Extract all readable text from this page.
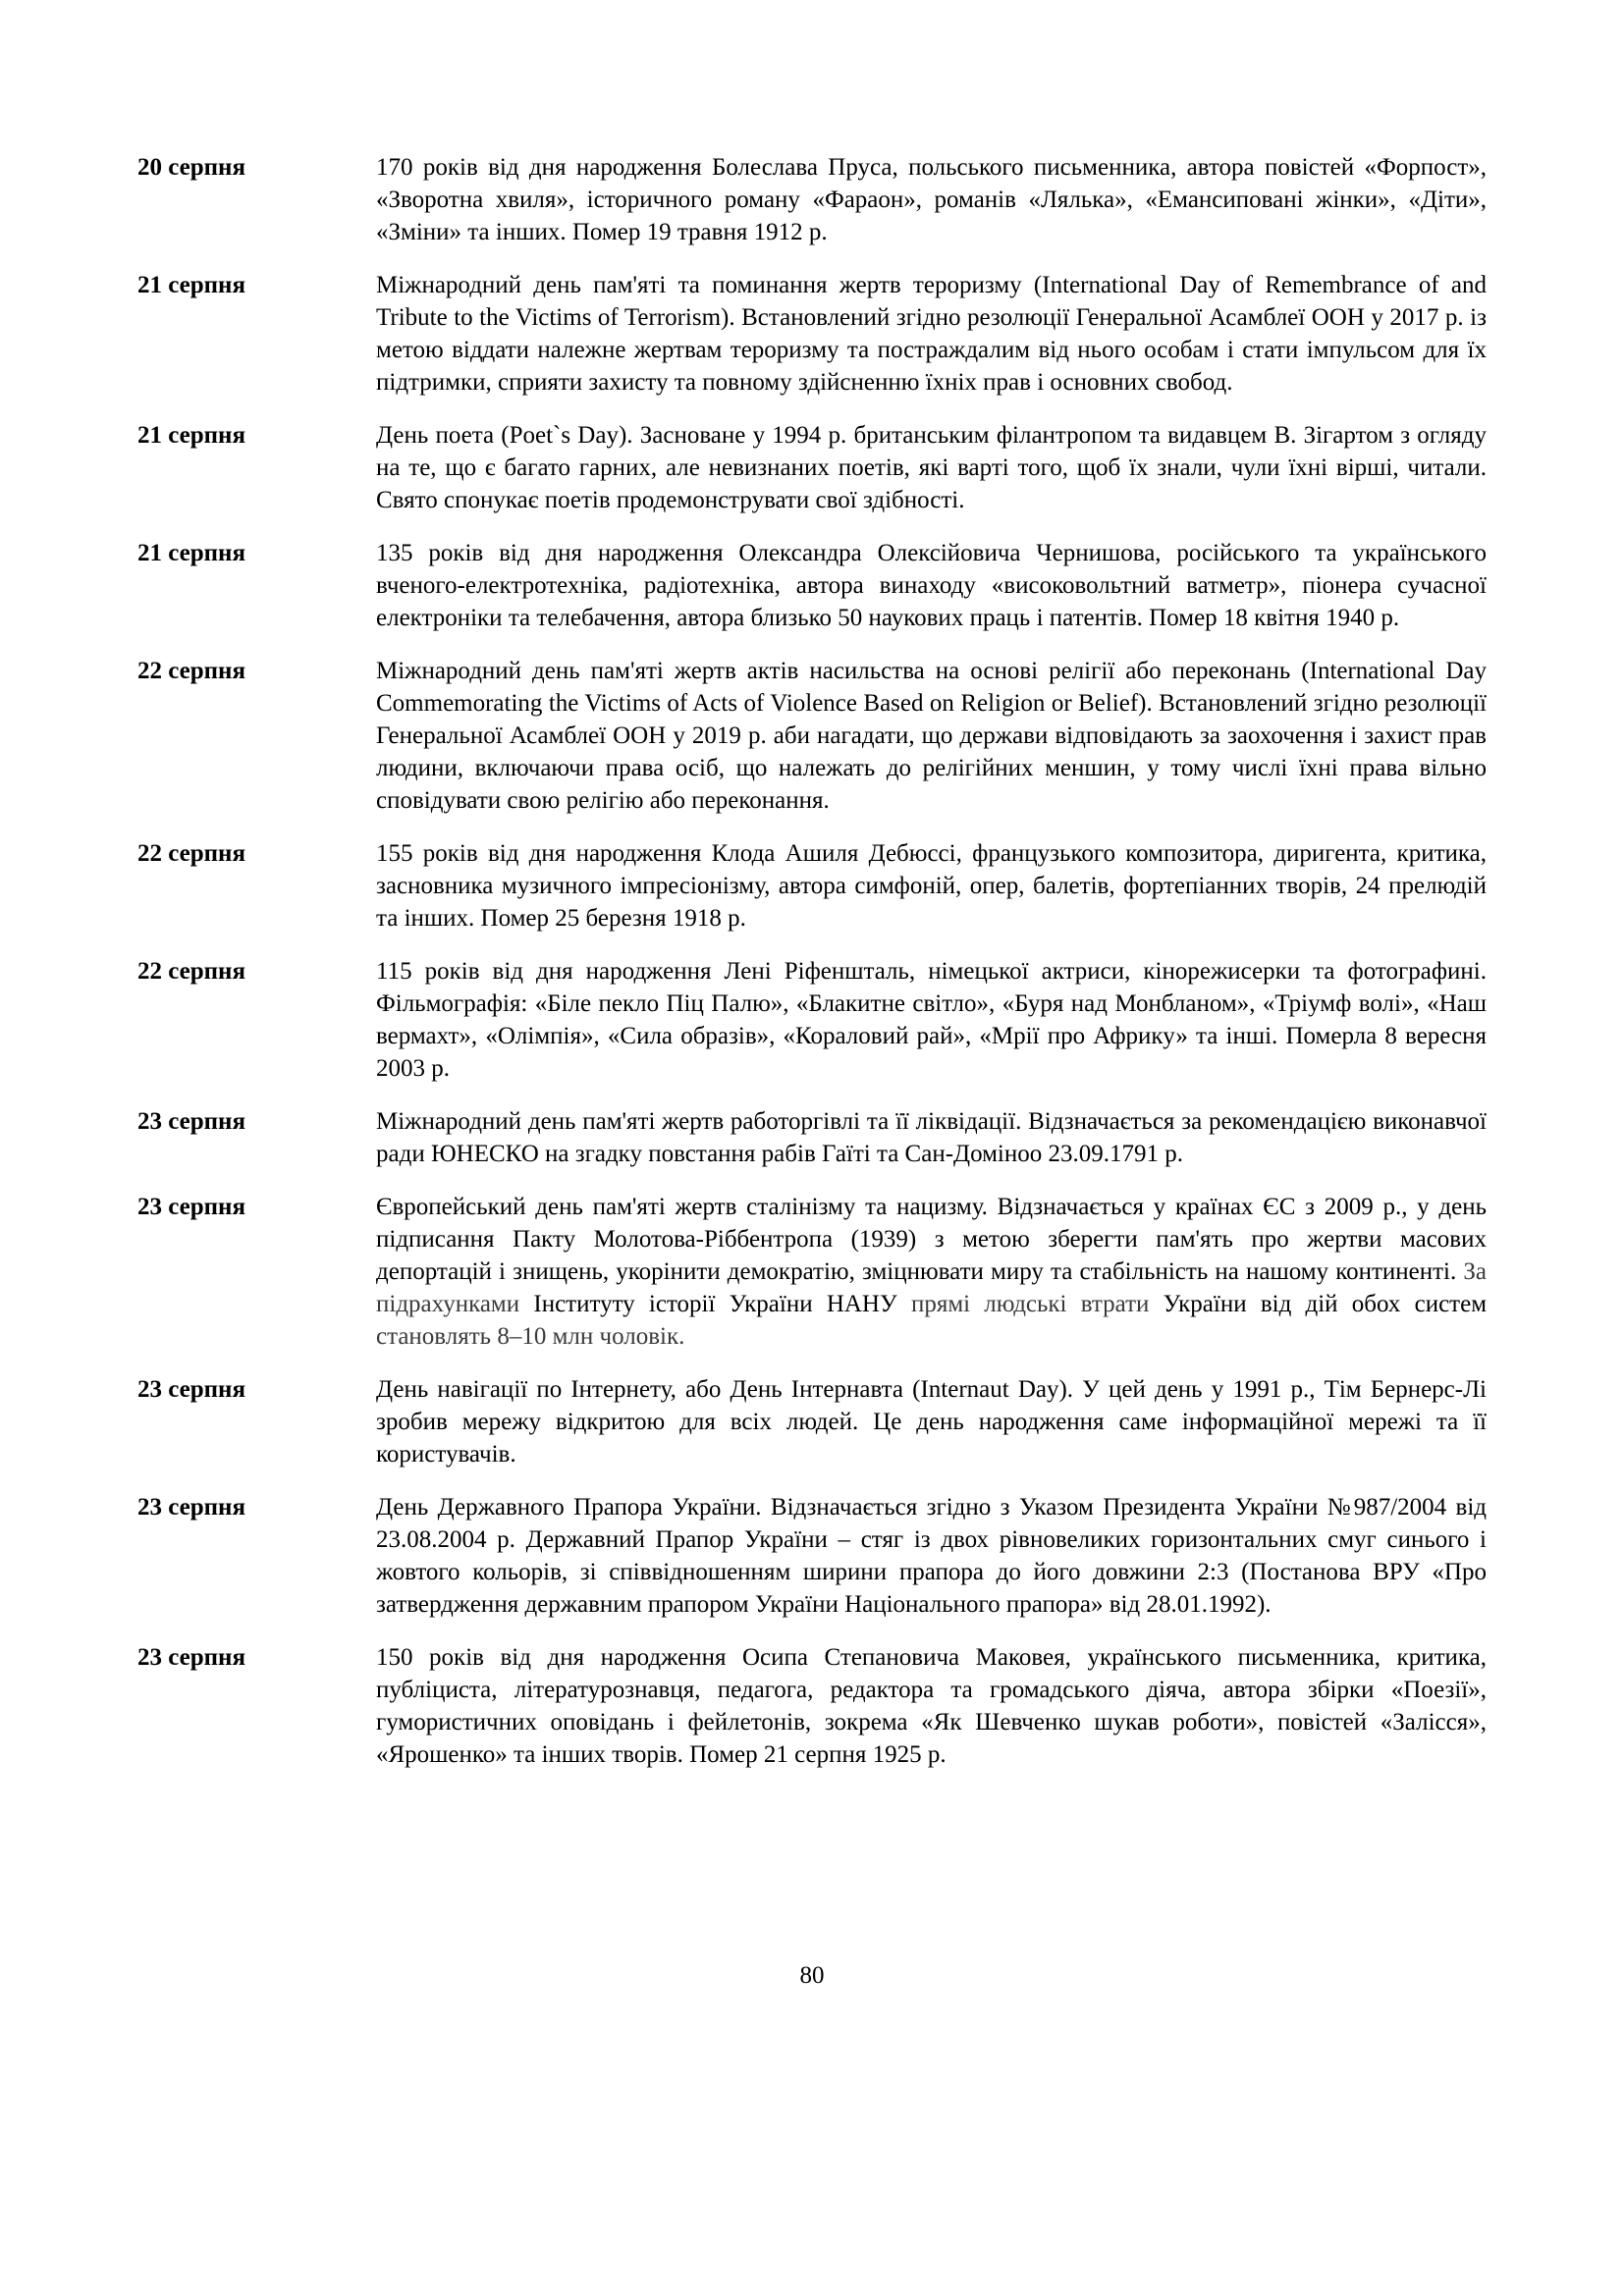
20 серпня	170 років від дня народження Болеслава Пруса, польського письменника, автора повістей «Форпост», «Зворотна хвиля», історичного роману «Фараон», романів «Лялька», «Емансиповані жінки», «Діти», «Зміни» та інших. Помер 19 травня 1912 р.
21 серпня	Міжнародний день пам'яті та поминання жертв тероризму (International Day of Remembrance of and Tribute to the Victims of Terrorism). Встановлений згідно резолюції Генеральної Асамблеї ООН у 2017 р. із метою віддати належне жертвам тероризму та постраждалим від нього особам і стати імпульсом для їх підтримки, сприяти захисту та повному здійсненню їхніх прав і основних свобод.
21 серпня	День поета (Poet`s Day). Засноване у 1994 р. британським філантропом та видавцем В. Зігартом з огляду на те, що є багато гарних, але невизнаних поетів, які варті того, щоб їх знали, чули їхні вірші, читали. Свято спонукає поетів продемонструвати свої здібності.
21 серпня	135 років від дня народження Олександра Олексійовича Чернишова, російського та українського вченого-електротехніка, радіотехніка, автора винаходу «високовольтний ватметр», піонера сучасної електроніки та телебачення, автора близько 50 наукових праць і патентів. Помер 18 квітня 1940 р.
22 серпня	Міжнародний день пам'яті жертв актів насильства на основі релігії або переконань (International Day Commemorating the Victims of Acts of Violence Based on Religion or Belief). Встановлений згідно резолюції Генеральної Асамблеї ООН у 2019 р. аби нагадати, що держави відповідають за заохочення і захист прав людини, включаючи права осіб, що належать до релігійних меншин, у тому числі їхні права вільно сповідувати свою релігію або переконання.
22 серпня	155 років від дня народження Клода Ашиля Дебюссі, французького композитора, диригента, критика, засновника музичного імпресіонізму, автора симфоній, опер, балетів, фортепіанних творів, 24 прелюдій та інших. Помер 25 березня 1918 р.
22 серпня	115 років від дня народження Лені Ріфеншталь, німецької актриси, кінорежисерки та фотографині. Фільмографія: «Біле пекло Піц Палю», «Блакитне світло», «Буря над Монбланом», «Тріумф волі», «Наш вермахт», «Олімпія», «Сила образів», «Кораловий рай», «Мрії про Африку» та інші. Померла 8 вересня 2003 р.
23 серпня	Міжнародний день пам'яті жертв работоргівлі та її ліквідації. Відзначається за рекомендацією виконавчої ради ЮНЕСКО на згадку повстання рабів Гаїті та Сан-Доміноо 23.09.1791 р.
23 серпня	Європейський день пам'яті жертв сталінізму та нацизму. Відзначається у країнах ЄС з 2009 р., у день підписання Пакту Молотова-Ріббентропа (1939) з метою зберегти пам'ять про жертви масових депортацій і знищень, укорінити демократію, зміцнювати миру та стабільність на нашому континенті. За підрахунками Інституту історії України НАНУ прямі людські втрати України від дій обох систем становлять 8–10 млн чоловік.
23 серпня	День навігації по Інтернету, або День Інтернавта (Internaut Day). У цей день у 1991 р., Тім Бернерс-Лі зробив мережу відкритою для всіх людей. Це день народження саме інформаційної мережі та її користувачів.
23 серпня	День Державного Прапора України. Відзначається згідно з Указом Президента України №987/2004 від 23.08.2004 р. Державний Прапор України – стяг із двох рівновеликих горизонтальних смуг синього і жовтого кольорів, зі співвідношенням ширини прапора до його довжини 2:3 (Постанова ВРУ «Про затвердження державним прапором України Національного прапора» від 28.01.1992).
23 серпня	150 років від дня народження Осипа Степановича Маковея, українського письменника, критика, публіциста, літературознавця, педагога, редактора та громадського діяча, автора збірки «Поезії», гумористичних оповідань і фейлетонів, зокрема «Як Шевченко шукав роботи», повістей «Залісся», «Ярошенко» та інших творів. Помер 21 серпня 1925 р.
80
